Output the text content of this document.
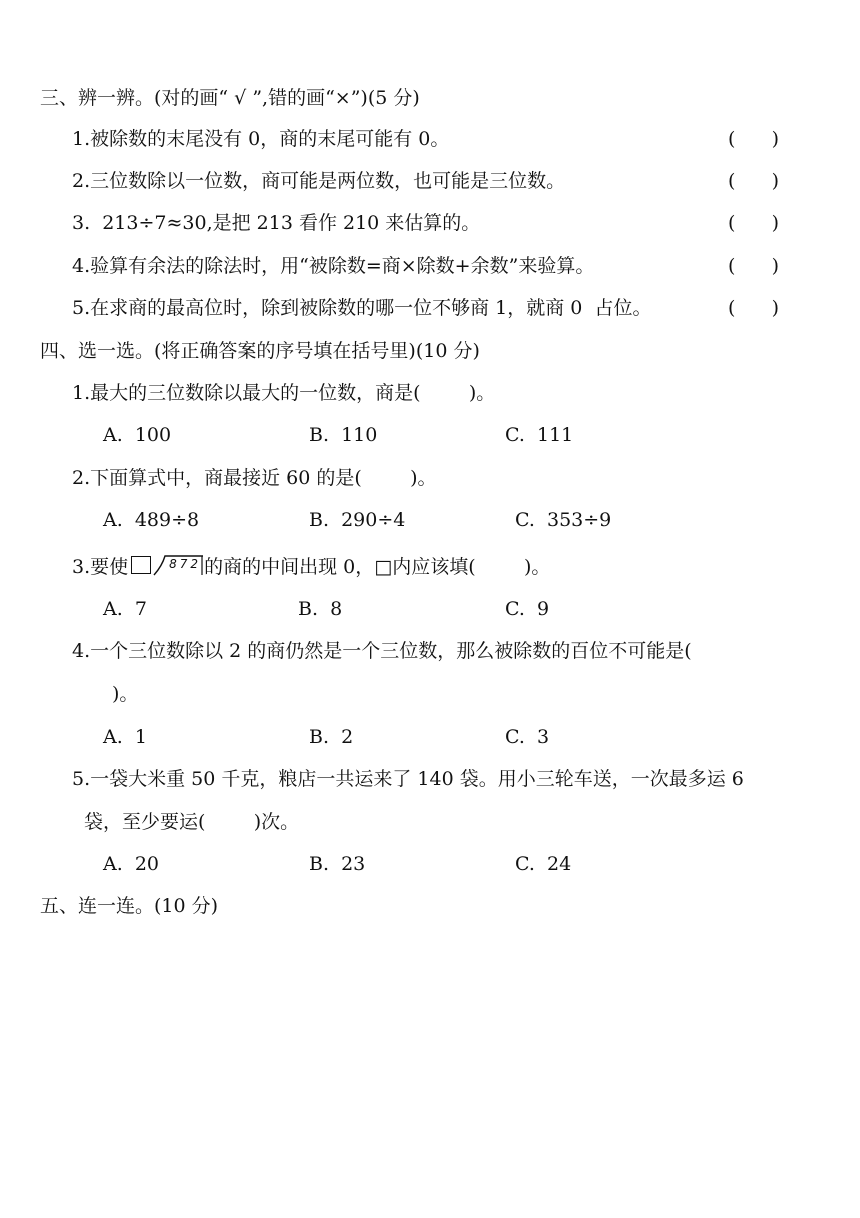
三、辨一辨。(对的画“ √ ”,错的画“×”)(5 分)
1.被除数的末尾没有 0，商的末尾可能有 0。	(      )
2.三位数除以一位数，商可能是两位数，也可能是三位数。	(      )
3.  213÷7≈30,是把 213 看作 210 来估算的。	(      )
4.验算有余法的除法时，用“被除数=商×除数+余数”来验算。	(      )
5.在求商的最高位时，除到被除数的哪一位不够商 1，就商 0  占位。	(      )
四、选一选。(将正确答案的序号填在括号里)(10 分)
1.最大的三位数除以最大的一位数，商是(        )。
A.  100	B.  110	C.  111
2.下面算式中，商最接近 60 的是(        )。
A.  489÷8	B.  290÷4	C.  353÷9
3.要使	872 的商的中间出现 0，□内应该填(        )。
A.  7	B.  8	C.  9
4.一个三位数除以 2 的商仍然是一个三位数，那么被除数的百位不可能是(
)。
A.  1	B.  2	C.  3
5.一袋大米重 50 千克，粮店一共运来了 140 袋。用小三轮车送，一次最多运 6
袋，至少要运(        )次。
A.  20	B.  23	C.  24
五、连一连。(10 分)
